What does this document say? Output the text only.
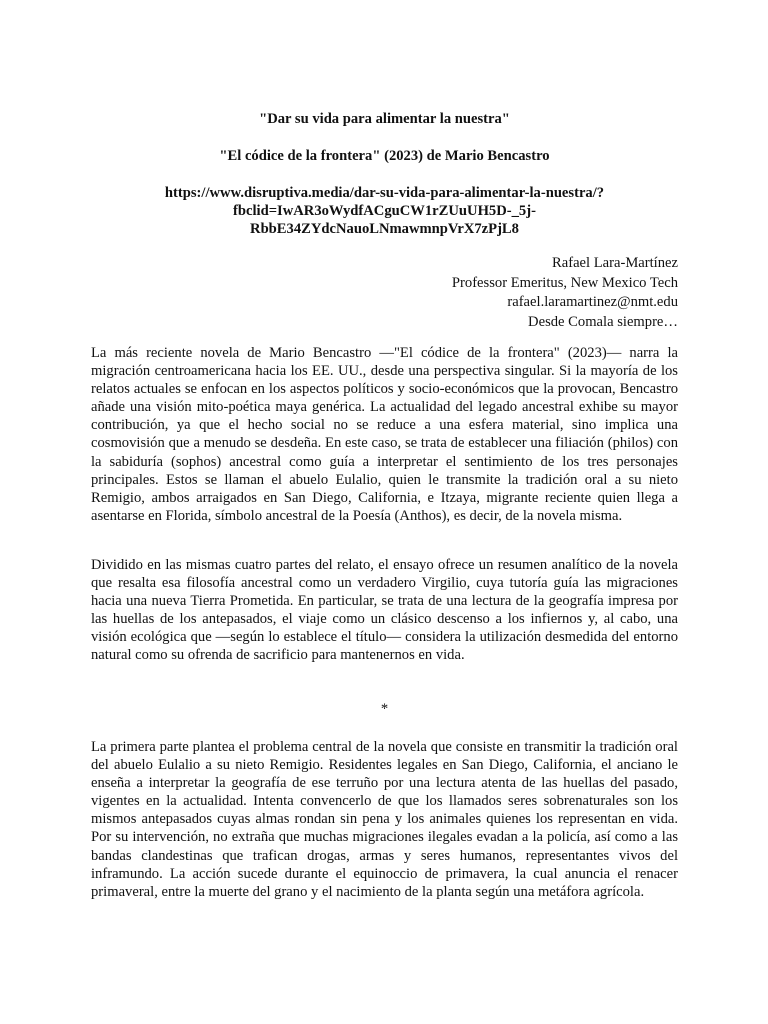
"Dar su vida para alimentar la nuestra"

"El códice de la frontera" (2023) de Mario Bencastro

https://www.disruptiva.media/dar-su-vida-para-alimentar-la-nuestra/?
fbclid=IwAR3oWydfACguCW1rZUuUH5D-_5j-
RbbE34ZYdcNauoLNmawmnpVrX7zPjL8
Rafael Lara-Martínez
Professor Emeritus, New Mexico Tech
rafael.laramartinez@nmt.edu
Desde Comala siempre…

La más reciente novela de Mario Bencastro —"El códice de la frontera" (2023)— narra la migración centroamericana hacia los EE. UU., desde una perspectiva singular. Si la mayoría de los relatos actuales se enfocan en los aspectos políticos y socio-económicos que la provocan, Bencastro añade una visión mito-poética maya genérica. La actualidad del legado ancestral exhibe su mayor contribución, ya que el hecho social no se reduce a una esfera material, sino implica una cosmovisión que a menudo se desdeña. En este caso, se trata de establecer una filiación (philos) con la sabiduría (sophos) ancestral como guía a interpretar el sentimiento de los tres personajes principales. Estos se llaman el abuelo Eulalio, quien le transmite la tradición oral a su nieto Remigio, ambos arraigados en San Diego, California, e Itzaya, migrante reciente quien llega a asentarse en Florida, símbolo ancestral de la Poesía (Anthos), es decir, de la novela misma.

Dividido en las mismas cuatro partes del relato, el ensayo ofrece un resumen analítico de la novela que resalta esa filosofía ancestral como un verdadero Virgilio, cuya tutoría guía las migraciones hacia una nueva Tierra Prometida. En particular, se trata de una lectura de la geografía impresa por las huellas de los antepasados, el viaje como un clásico descenso a los infiernos y, al cabo, una visión ecológica que —según lo establece el título— considera la utilización desmedida del entorno natural como su ofrenda de sacrificio para mantenernos en vida.

*

La primera parte plantea el problema central de la novela que consiste en transmitir la tradición oral del abuelo Eulalio a su nieto Remigio. Residentes legales en San Diego, California, el anciano le enseña a interpretar la geografía de ese terruño por una lectura atenta de las huellas del pasado, vigentes en la actualidad. Intenta convencerlo de que los llamados seres sobrenaturales son los mismos antepasados cuyas almas rondan sin pena y los animales quienes los representan en vida. Por su intervención, no extraña que muchas migraciones ilegales evadan a la policía, así como a las bandas clandestinas que trafican drogas, armas y seres humanos, representantes vivos del inframundo. La acción sucede durante el equinoccio de primavera, la cual anuncia el renacer primaveral, entre la muerte del grano y el nacimiento de la planta según una metáfora agrícola.
